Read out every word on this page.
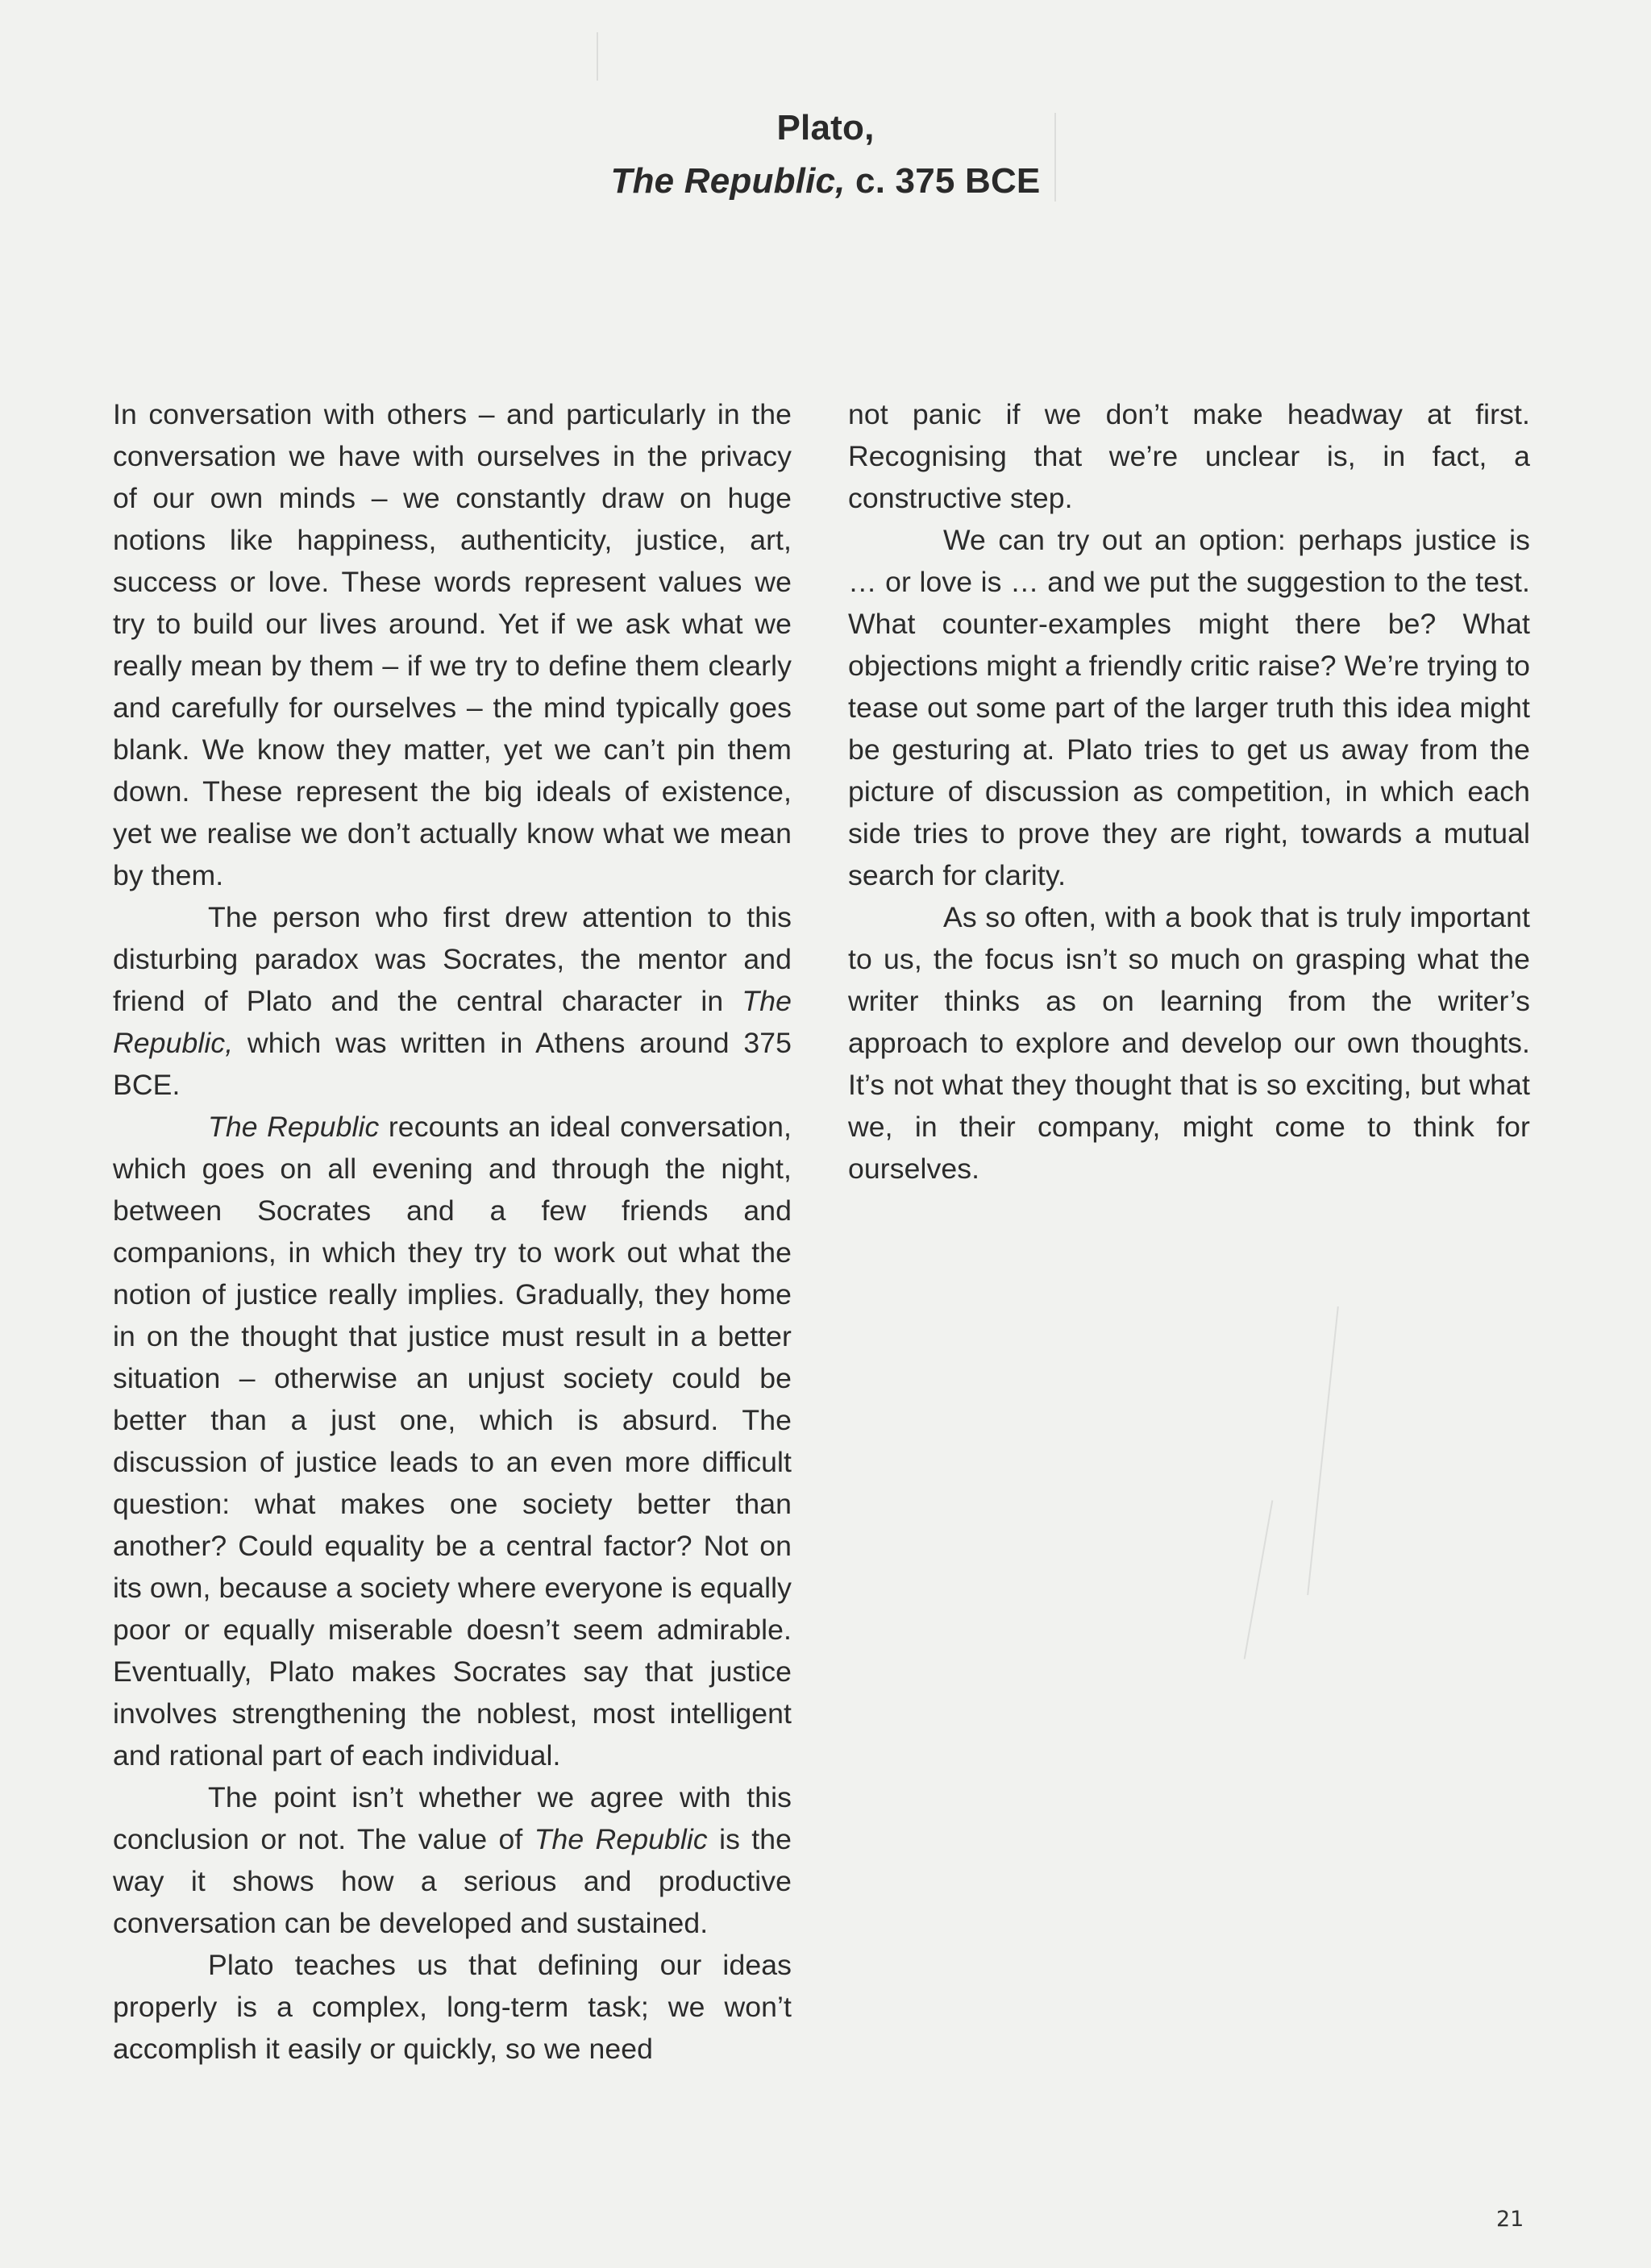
Plato,
The Republic, c. 375 BCE

In conversation with others – and particularly in the conversation we have with ourselves in the privacy of our own minds – we constantly draw on huge notions like happiness, authenticity, justice, art, success or love. These words represent values we try to build our lives around. Yet if we ask what we really mean by them – if we try to define them clearly and carefully for ourselves – the mind typically goes blank. We know they matter, yet we can’t pin them down. These represent the big ideals of existence, yet we realise we don’t actually know what we mean by them.

The person who first drew attention to this disturbing paradox was Socrates, the mentor and friend of Plato and the central character in The Republic, which was written in Athens around 375 BCE.

The Republic recounts an ideal conversation, which goes on all evening and through the night, between Socrates and a few friends and companions, in which they try to work out what the notion of justice really implies. Gradually, they home in on the thought that justice must result in a better situation – otherwise an unjust society could be better than a just one, which is absurd. The discussion of justice leads to an even more difficult question: what makes one society better than another? Could equality be a central factor? Not on its own, because a society where everyone is equally poor or equally miserable doesn’t seem admirable. Eventually, Plato makes Socrates say that justice involves strengthening the noblest, most intelligent and rational part of each individual.

The point isn’t whether we agree with this conclusion or not. The value of The Republic is the way it shows how a serious and productive conversation can be developed and sustained.

Plato teaches us that defining our ideas properly is a complex, long-term task; we won’t accomplish it easily or quickly, so we need

not panic if we don’t make headway at first. Recognising that we’re unclear is, in fact, a constructive step.

We can try out an option: perhaps justice is … or love is … and we put the suggestion to the test. What counter-examples might there be? What objections might a friendly critic raise? We’re trying to tease out some part of the larger truth this idea might be gesturing at. Plato tries to get us away from the picture of discussion as competition, in which each side tries to prove they are right, towards a mutual search for clarity.

As so often, with a book that is truly important to us, the focus isn’t so much on grasping what the writer thinks as on learning from the writer’s approach to explore and develop our own thoughts. It’s not what they thought that is so exciting, but what we, in their company, might come to think for ourselves.

21
